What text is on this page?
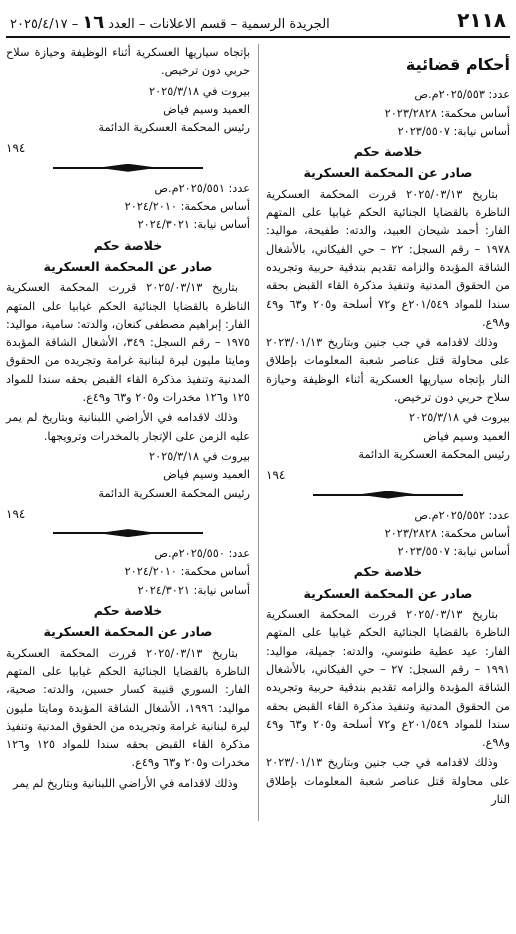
٢١١٨
الجريدة الرسمية – قسم الاعلانات – العدد١٦– ٢٠٢٥/٤/١٧
أحكام قضائية
عدد: ٢٠٢٥/٥٥٣م.ص
أساس محكمة: ٢٠٢٣/٢٨٢٨
أساس نيابة: ٢٠٢٣/٥٥٠٧
خلاصة حكم
صادر عن المحكمة العسكرية

بتاريخ ٢٠٢٥/٠٣/١٣ قررت المحكمة العسكرية الناظرة بالقضايا الجنائية الحكم غيابيا على المتهم الفار: أحمد شيحان العبيد، والدته: طفيحة، مواليد: ١٩٧٨ – رقم السجل: ٢٢ – حي الفيكاني، بالأشغال الشاقة المؤبدة والزامه تقديم بندقية حربية وتجريده من الحقوق المدنية وتنفيذ مذكرة القاء القبض بحقه سندا للمواد ٢٠١/٥٤٩ع و٧٢ أسلحة و٢٠٥ و٦٣ و٤٩ و٩٨ع.

وذلك لاقدامه في جب جنين وبتاريخ ٢٠٢٣/٠١/١٣ على محاولة قتل عناصر شعبة المعلومات بإطلاق النار بإتجاه سياريها العسكرية أثناء الوظيفة وحيازة سلاح حربي دون ترخيص.

بيروت في ٢٠٢٥/٣/١٨
العميد وسيم فياض
رئيس المحكمة العسكرية الدائمة
١٩٤
عدد: ٢٠٢٥/٥٥٢م.ص
أساس محكمة: ٢٠٢٣/٢٨٢٨
أساس نيابة: ٢٠٢٣/٥٥٠٧
خلاصة حكم
صادر عن المحكمة العسكرية

بتاريخ ٢٠٢٥/٠٣/١٣ قررت المحكمة العسكرية الناظرة بالقضايا الجنائية الحكم غيابيا على المتهم الفار: عيد عطية طنوسي، والدته: جميلة، مواليد: ١٩٩١ – رقم السجل: ٢٧ – حي الفيكاني، بالأشغال الشاقة المؤبدة والزامه تقديم بندقية حربية وتجريده من الحقوق المدنية وتنفيذ مذكرة القاء القبض بحقه سندا للمواد ٢٠١/٥٤٩ع و٧٢ أسلحة و٢٠٥ و٦٣ و٤٩ و٩٨ع.

وذلك لاقدامه في جب جنين وبتاريخ ٢٠٢٣/٠١/١٣ على محاولة قتل عناصر شعبة المعلومات بإطلاق النار

بإتجاه سياريها العسكرية أثناء الوظيفة وحيازة سلاح حربي دون ترخيص.

بيروت في ٢٠٢٥/٣/١٨
العميد وسيم فياض
رئيس المحكمة العسكرية الدائمة
١٩٤
عدد: ٢٠٢٥/٥٥١م.ص
أساس محكمة: ٢٠٢٤/٢٠١٠
أساس نيابة: ٢٠٢٤/٣٠٢١
خلاصة حكم
صادر عن المحكمة العسكرية

بتاريخ ٢٠٢٥/٠٣/١٣ قررت المحكمة العسكرية الناظرة بالقضايا الجنائية الحكم غيابيا على المتهم الفار: إبراهيم مصطفى كنعان، والدته: سامية، مواليد: ١٩٧٥ – رقم السجل: ٣٤٩، الأشغال الشاقة المؤبدة ومايتا مليون ليرة لبنانية غرامة وتجريده من الحقوق المدنية وتنفيذ مذكرة القاء القبض بحقه سندا للمواد ١٢٥ و١٢٦ مخدرات و٢٠٥ و٦٣ و٤٩ع.

وذلك لاقدامه في الأراضي اللبنانية وبتاريخ لم يمر عليه الزمن على الإتجار بالمخدرات وترويجها.

بيروت في ٢٠٢٥/٣/١٨
العميد وسيم فياض
رئيس المحكمة العسكرية الدائمة
١٩٤
عدد: ٢٠٢٥/٥٥٠م.ص
أساس محكمة: ٢٠٢٤/٢٠١٠
أساس نيابة: ٢٠٢٤/٣٠٢١
خلاصة حكم
صادر عن المحكمة العسكرية

بتاريخ ٢٠٢٥/٠٣/١٣ قررت المحكمة العسكرية الناظرة بالقضايا الجنائية الحكم غيابيا على المتهم الفار: السوري قنيبة كسار حسين، والدته: صحية، مواليد: ١٩٩٦، الأشغال الشاقة المؤبدة ومايتا مليون ليرة لبنانية غرامة وتجريده من الحقوق المدنية وتنفيذ مذكرة القاء القبض بحقه سندا للمواد ١٢٥ و١٢٦ مخدرات و٢٠٥ و٦٣ و٤٩ع.

وذلك لاقدامه في الأراضي اللبنانية وبتاريخ لم يمر
